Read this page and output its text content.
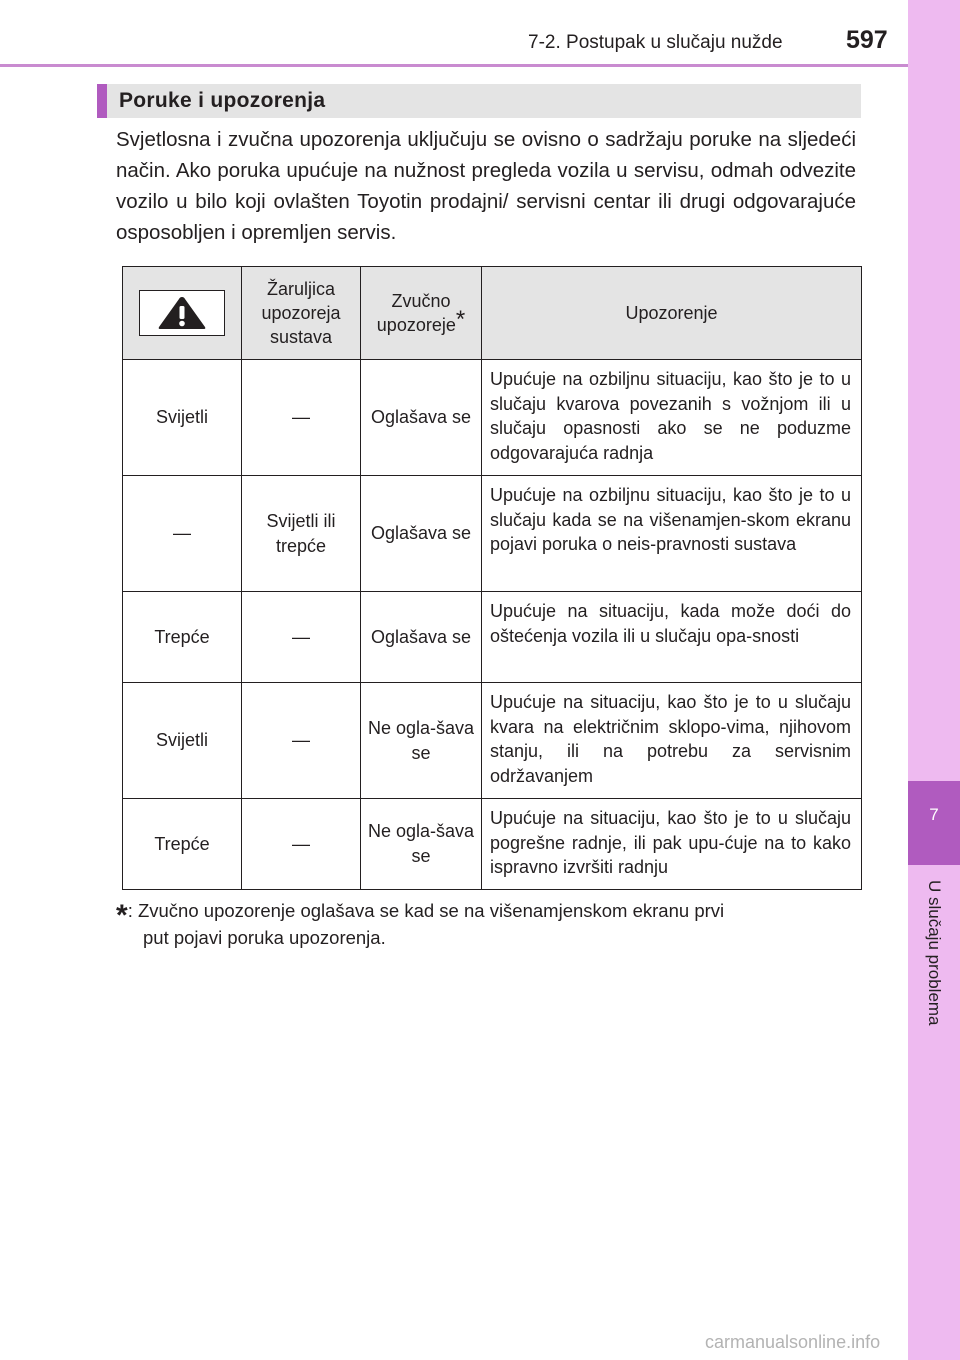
7-2. Postupak u slučaju nužde	597
7
U slučaju problema
Poruke i upozorenja

Svjetlosna i zvučna upozorenja uključuju se ovisno o sadržaju poruke na sljedeći način. Ako poruka upućuje na nužnost pregleda vozila u servisu, odmah odvezite vozilo u bilo koji ovlašten Toyotin prodajni/ servisni centar ili drugi odgovarajuće osposobljen i opremljen servis.

	Žaruljica upozoreja sustava	Zvučno upozoreje*	Upozorenje
Svijetli	—	Oglašava se	Upućuje na ozbiljnu situaciju, kao što je to u slučaju kvarova povezanih s vožnjom ili u slučaju opasnosti ako se ne poduzme odgovarajuća radnja
—	Svijetli ili trepće	Oglašava se	Upućuje na ozbiljnu situaciju, kao što je to u slučaju kada se na višenamjen-skom ekranu pojavi poruka o neis-pravnosti sustava
Trepće	—	Oglašava se	Upućuje na situaciju, kada može doći do oštećenja vozila ili u slučaju opa-snosti
Svijetli	—	Ne ogla-šava se	Upućuje na situaciju, kao što je to u slučaju kvara na električnim sklopo-vima, njihovom stanju, ili na potrebu za servisnim održavanjem
Trepće	—	Ne ogla-šava se	Upućuje na situaciju, kao što je to u slučaju pogrešne radnje, ili pak upu-ćuje na to kako ispravno izvršiti radnju
*: Zvučno upozorenje oglašava se kad se na višenamjenskom ekranu prvi
put pojavi poruka upozorenja.
carmanualsonline.info
